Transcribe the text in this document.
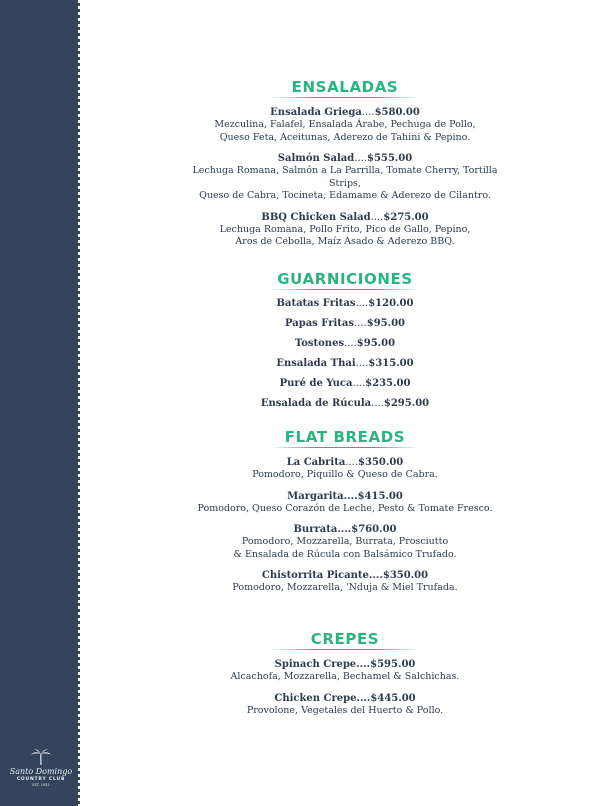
Santo Domingo
COUNTRY CLUB
EST. 1932
ENSALADAS
Ensalada Griega....$580.00
Mezculina, Falafel, Ensalada Árabe, Pechuga de Pollo,
Queso Feta, Aceitunas, Aderezo de Tahini & Pepino.
Salmón Salad....$555.00
Lechuga Romana, Salmón a La Parrilla, Tomate Cherry, Tortilla Strips,
Queso de Cabra, Tocineta, Edamame & Aderezo de Cilantro.
BBQ Chicken Salad....$275.00
Lechuga Romana, Pollo Frito, Pico de Gallo, Pepino,
Aros de Cebolla, Maíz Asado & Aderezo BBQ.
GUARNICIONES
Batatas Fritas....$120.00
Papas Fritas....$95.00
Tostones....$95.00
Ensalada Thai....$315.00
Puré de Yuca....$235.00
Ensalada de Rúcula....$295.00
FLAT BREADS
La Cabrita....$350.00
Pomodoro, Piquillo & Queso de Cabra.
Margarita....$415.00
Pomodoro, Queso Corazón de Leche, Pesto & Tomate Fresco.
Burrata....$760.00
Pomodoro, Mozzarella, Burrata, Prosciutto
& Ensalada de Rúcula con Balsámico Trufado.
Chistorrita Picante....$350.00
Pomodoro, Mozzarella, 'Nduja & Miel Trufada.
CREPES
Spinach Crepe....$595.00
Alcachofa, Mozzarella, Bechamel & Salchichas.
Chicken Crepe....$445.00
Provolone, Vegetales del Huerto & Pollo.
